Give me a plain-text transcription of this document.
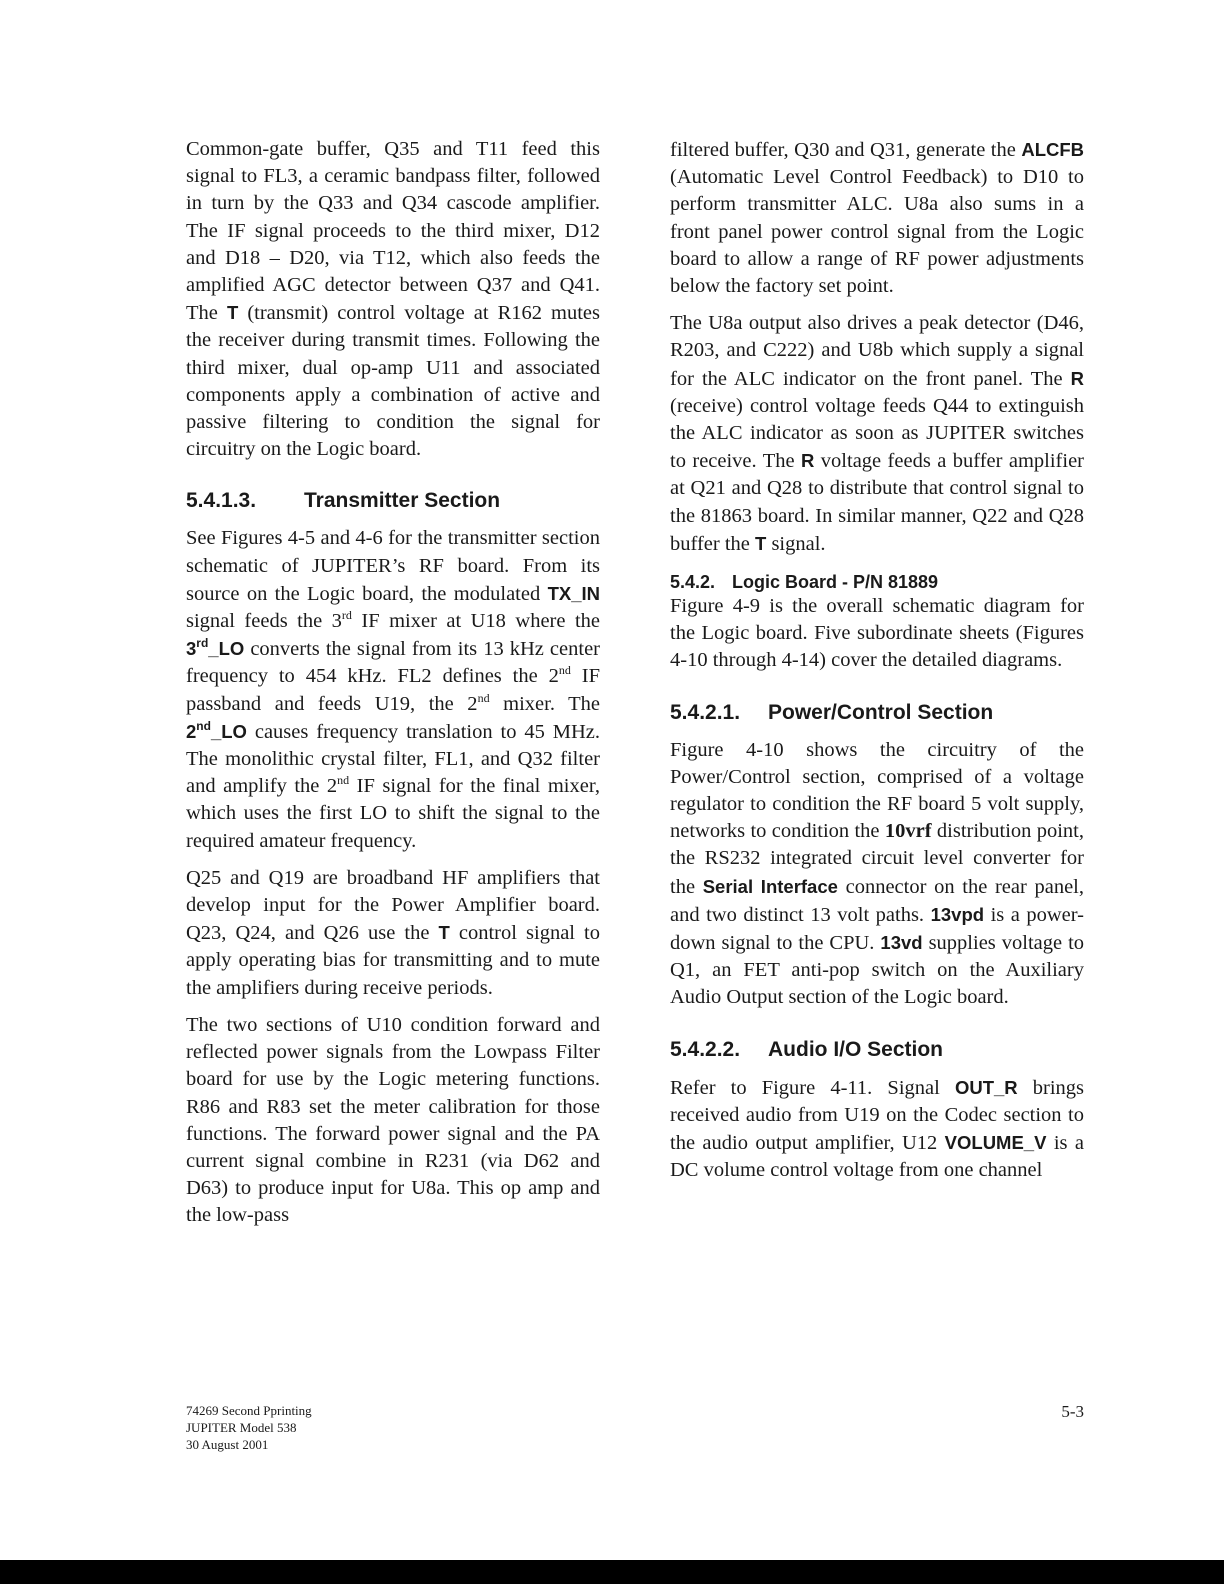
Common-gate buffer, Q35 and T11 feed this signal to FL3, a ceramic bandpass filter, followed in turn by the Q33 and Q34 cascode amplifier. The IF signal proceeds to the third mixer, D12 and D18 – D20, via T12, which also feeds the amplified AGC detector between Q37 and Q41. The T (transmit) control voltage at R162 mutes the receiver during transmit times. Following the third mixer, dual op-amp U11 and associated components apply a combination of active and passive filtering to condition the signal for circuitry on the Logic board.

5.4.1.3. Transmitter Section

See Figures 4-5 and 4-6 for the transmitter section schematic of JUPITER’s RF board. From its source on the Logic board, the modulated TX_IN signal feeds the 3rd IF mixer at U18 where the 3rd_LO converts the signal from its 13 kHz center frequency to 454 kHz. FL2 defines the 2nd IF passband and feeds U19, the 2nd mixer. The 2nd_LO causes frequency translation to 45 MHz. The monolithic crystal filter, FL1, and Q32 filter and amplify the 2nd IF signal for the final mixer, which uses the first LO to shift the signal to the required amateur frequency.

Q25 and Q19 are broadband HF amplifiers that develop input for the Power Amplifier board. Q23, Q24, and Q26 use the T control signal to apply operating bias for transmitting and to mute the amplifiers during receive periods.

The two sections of U10 condition forward and reflected power signals from the Lowpass Filter board for use by the Logic metering functions. R86 and R83 set the meter calibration for those functions. The forward power signal and the PA current signal combine in R231 (via D62 and D63) to produce input for U8a. This op amp and the low-pass

filtered buffer, Q30 and Q31, generate the ALCFB (Automatic Level Control Feedback) to D10 to perform transmitter ALC. U8a also sums in a front panel power control signal from the Logic board to allow a range of RF power adjustments below the factory set point.

The U8a output also drives a peak detector (D46, R203, and C222) and U8b which supply a signal for the ALC indicator on the front panel. The R (receive) control voltage feeds Q44 to extinguish the ALC indicator as soon as JUPITER switches to receive. The R voltage feeds a buffer amplifier at Q21 and Q28 to distribute that control signal to the 81863 board. In similar manner, Q22 and Q28 buffer the T signal.

5.4.2. Logic Board - P/N 81889

Figure 4-9 is the overall schematic diagram for the Logic board. Five subordinate sheets (Figures 4-10 through 4-14) cover the detailed diagrams.

5.4.2.1. Power/Control Section

Figure 4-10 shows the circuitry of the Power/Control section, comprised of a voltage regulator to condition the RF board 5 volt supply, networks to condition the 10vrf distribution point, the RS232 integrated circuit level converter for the Serial Interface connector on the rear panel, and two distinct 13 volt paths. 13vpd is a power-down signal to the CPU. 13vd supplies voltage to Q1, an FET anti-pop switch on the Auxiliary Audio Output section of the Logic board.

5.4.2.2. Audio I/O Section

Refer to Figure 4-11. Signal OUT_R brings received audio from U19 on the Codec section to the audio output amplifier, U12 VOLUME_V is a DC volume control voltage from one channel

74269 Second Pprinting
JUPITER Model 538
30 August 2001
5-3
